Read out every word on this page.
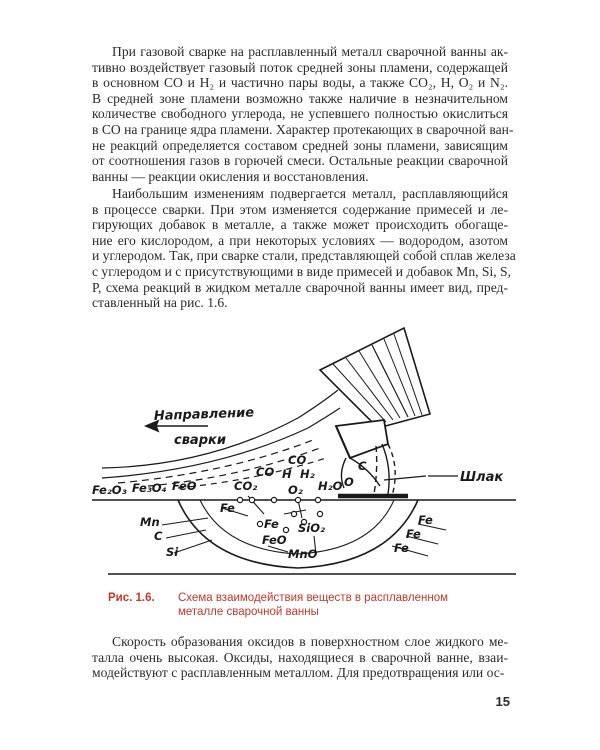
При газовой сварке на расплавленный металл сварочной ванны ак-
тивно воздействует газовый поток средней зоны пламени, содержащей
в основном CO и H₂ и частично пары воды, а также CO₂, H, O₂ и N₂.
В средней зоне пламени возможно также наличие в незначительном
количестве свободного углерода, не успевшего полностью окислиться
в CO на границе ядра пламени. Характер протекающих в сварочной ван-
не реакций определяется составом средней зоны пламени, зависящим
от соотношения газов в горючей смеси. Остальные реакции сварочной
ванны — реакции окисления и восстановления.
Наибольшим изменениям подвергается металл, расплавляющийся
в процессе сварки. При этом изменяется содержание примесей и ле-
гирующих добавок в металле, а также может происходить обогаще-
ние его кислородом, а при некоторых условиях — водородом, азотом
и углеродом. Так, при сварке стали, представляющей собой сплав железа
с углеродом и с присутствующими в виде примесей и добавок Mn, Si, S,
P, схема реакций в жидком металле сварочной ванны имеет вид, пред-
ставленный на рис. 1.6.
Направление
сварки
Шлак
Fe₂O₃ Fe₃O₄ FeO	CO₂
CO
CO
H H₂
O₂ H₂O O
C
Mn
C
Si
Fe
Fe
FeO
SiO₂
MnO
Fe
Fe
Fe
Рис. 1.6. Схема взаимодействия веществ в расплавленном металле сварочной ванны
Скорость образования оксидов в поверхностном слое жидкого ме-
талла очень высокая. Оксиды, находящиеся в сварочной ванне, взаи-
модействуют с расплавленным металлом. Для предотвращения или ос-
15
